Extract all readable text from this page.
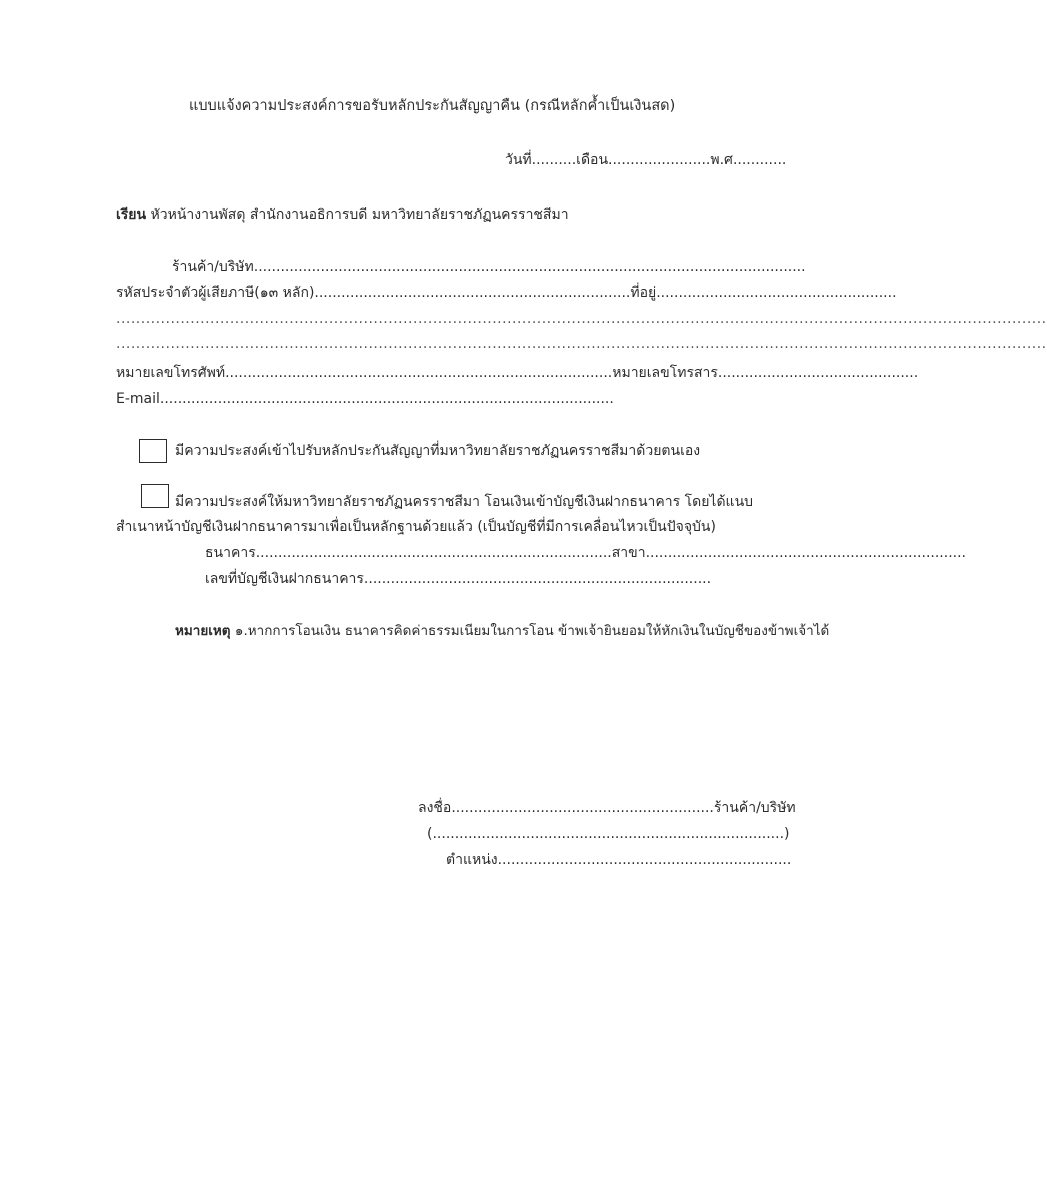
แบบแจ้งความประสงค์การขอรับหลักประกันสัญญาคืน (กรณีหลักค้ำเป็นเงินสด)
วันที่..........เดือน.......................พ.ศ............
เรียน หัวหน้างานพัสดุ สำนักงานอธิการบดี มหาวิทยาลัยราชภัฏนครราชสีมา
ร้านค้า/บริษัท............................................................................................................................
รหัสประจำตัวผู้เสียภาษี(๑๓ หลัก).......................................................................ที่อยู่......................................................
............................................................................................................................................................................................
............................................................................................................................................................................................
หมายเลขโทรศัพท์.......................................................................................หมายเลขโทรสาร.............................................
E-mail......................................................................................................
มีความประสงค์เข้าไปรับหลักประกันสัญญาที่มหาวิทยาลัยราชภัฏนครราชสีมาด้วยตนเอง
มีความประสงค์ให้มหาวิทยาลัยราชภัฏนครราชสีมา โอนเงินเข้าบัญชีเงินฝากธนาคาร โดยได้แนบ
สำเนาหน้าบัญชีเงินฝากธนาคารมาเพื่อเป็นหลักฐานด้วยแล้ว (เป็นบัญชีที่มีการเคลื่อนไหวเป็นปัจจุบัน)
ธนาคาร................................................................................สาขา........................................................................
เลขที่บัญชีเงินฝากธนาคาร..............................................................................
หมายเหตุ ๑.หากการโอนเงิน ธนาคารคิดค่าธรรมเนียมในการโอน ข้าพเจ้ายินยอมให้หักเงินในบัญชีของข้าพเจ้าได้
ลงชื่อ...........................................................ร้านค้า/บริษัท
(...............................................................................)
ตำแหน่ง..................................................................
